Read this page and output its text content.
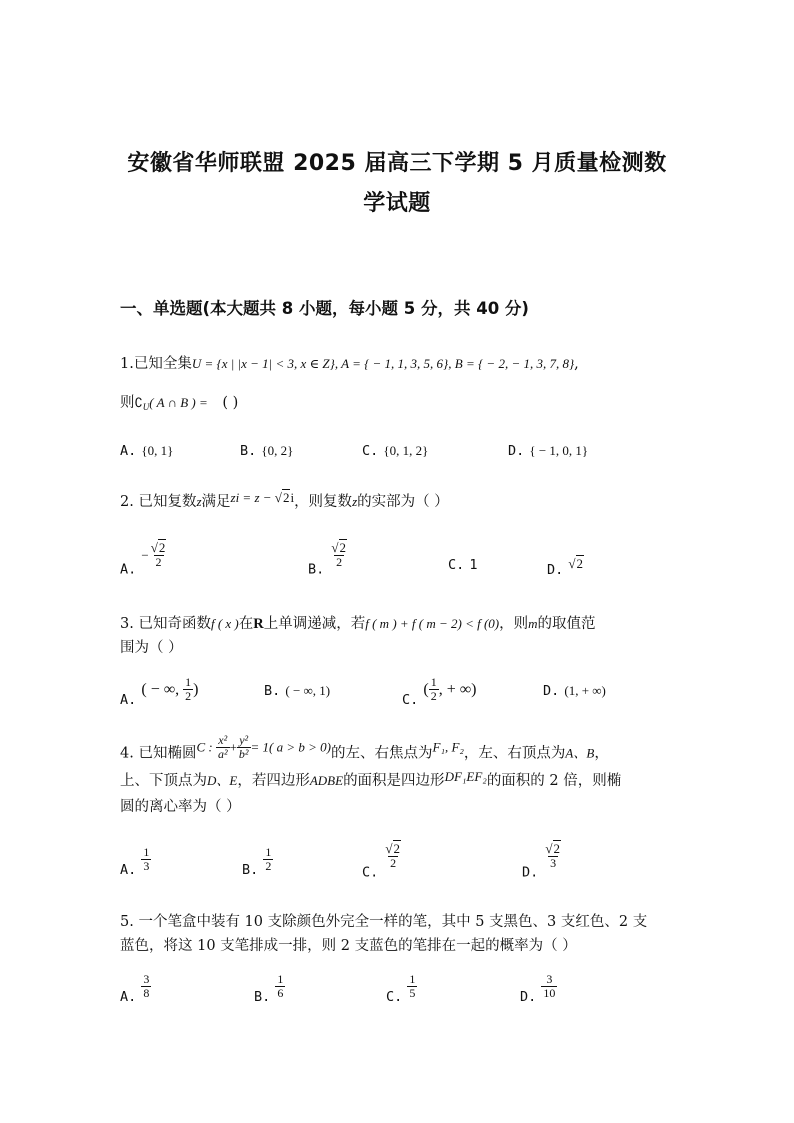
安徽省华师联盟 2025 届高三下学期 5 月质量检测数
学试题
一、单选题(本大题共 8 小题，每小题 5 分，共 40 分)
1.已知全集U = {x | |x − 1| < 3, x ∈ Z}, A = { − 1, 1, 3, 5, 6}, B = { − 2, − 1, 3, 7, 8},
则$∁_U$( A ∩ B ) = ( )
A. {0, 1}	B. {0, 2}	C. {0, 1, 2}	D. { − 1, 0, 1}
2. 已知复数z满足zi = z − √2i，则复数z的实部为（ ）
$_{A.} - \frac{√2}{2}$
$_{B.}$
$\frac{√2}{2}$	C. 1	$_{D.}$ √2
3. 已知奇函数f ( x )在R上单调递减，若f ( m ) + f ( m − 2) < f (0)，则m的取值范
围为（ ）
$_{A.}$ ( − ∞, $\frac{1}{2}$ )	B. ( − ∞, 1)
$_{C.}$ ( $\frac{1}{2}$ , + ∞)	D. (1, + ∞)
4. 已知椭圆C : $\frac{\text{x²}}{\text{a²}} + \frac{\text{y²}}{\text{b²}} = 1$( a > b > 0)的左、右焦点为F₁, F₂，左、右顶点为A、B，
上、下顶点为D、E，若四边形ADBE的面积是四边形DF₁EF₂的面积的 2 倍，则椭
圆的离心率为（ ）
$_{A.} \frac{1}{3}$	$_{B.} \frac{1}{2}$	$_{C.}$
$\frac{√2}{2}$
$_{D.}$
$\frac{√2}{3}$
5. 一个笔盒中装有 10 支除颜色外完全一样的笔，其中 5 支黑色、3 支红色、2 支
蓝色，将这 10 支笔排成一排，则 2 支蓝色的笔排在一起的概率为（ ）
$_{A.} \frac{3}{8}$	$_{B.} \frac{1}{6}$	$_{C.} \frac{1}{5}$	$_{D.} \frac{3}{10}$
